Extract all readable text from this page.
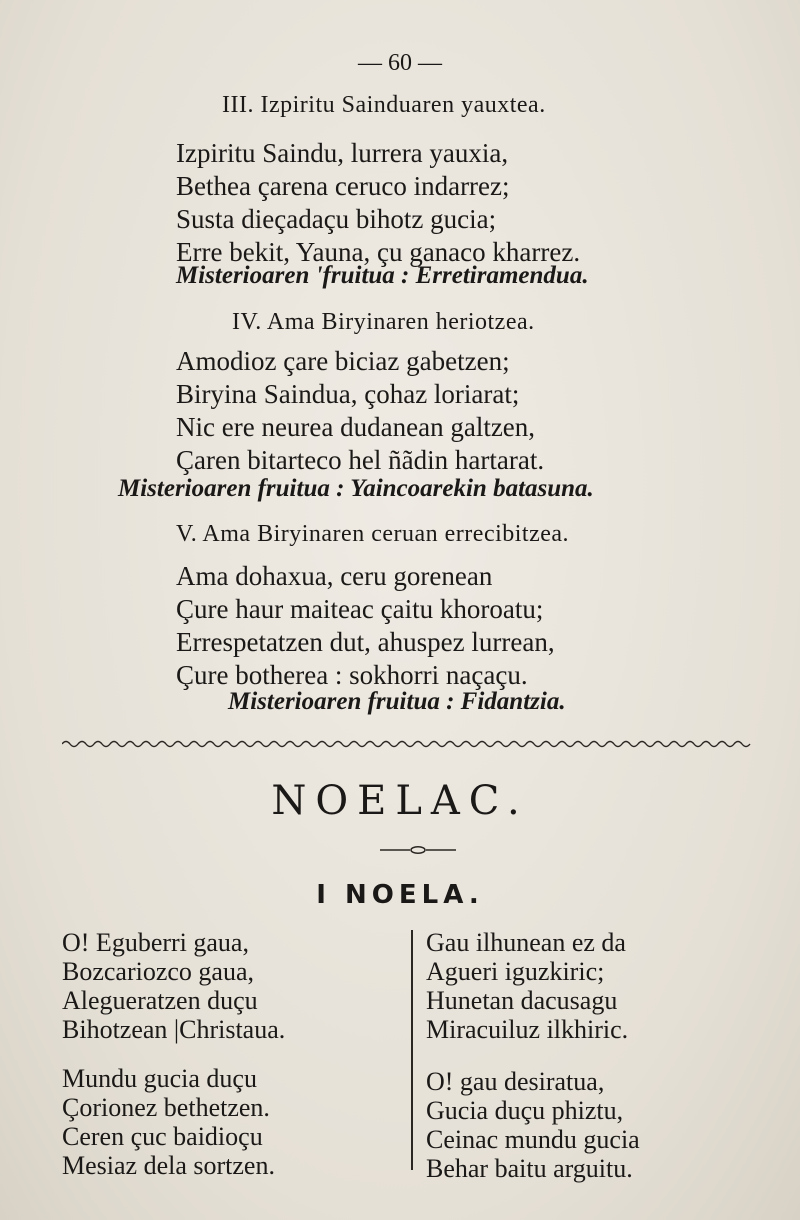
— 60 —
III. Izpiritu Sainduaren yauxtea.
Izpiritu Saindu, lurrera yauxia,
Bethea çarena ceruco indarrez;
Susta dieçadaçu bihotz gucia;
Erre bekit, Yauna, çu ganaco kharrez.
Misterioaren 'fruitua : Erretiramendua.
IV. Ama Biryinaren heriotzea.
Amodioz çare biciaz gabetzen;
Biryina Saindua, çohaz loriarat;
Nic ere neurea dudanean galtzen,
Çaren bitarteco hel ñãdin hartarat.
Misterioaren fruitua : Yaincoarekin batasuna.
V. Ama Biryinaren ceruan errecibitzea.
Ama dohaxua, ceru gorenean
Çure haur maiteac çaitu khoroatu;
Errespetatzen dut, ahuspez lurrean,
Çure botherea : sokhorri naçaçu.
Misterioaren fruitua : Fidantzia.
NOELAC.
I NOELA.
O! Eguberri gaua,
Bozcariozco gaua,
Alegueratzen duçu
Bihotzean |Christaua.
Mundu gucia duçu
Çorionez bethetzen.
Ceren çuc baidioçu
Mesiaz dela sortzen.
Gau ilhunean ez da
Agueri iguzkiric;
Hunetan dacusagu
Miracuiluz ilkhiric.
O! gau desiratua,
Gucia duçu phiztu,
Ceinac mundu gucia
Behar baitu arguitu.
